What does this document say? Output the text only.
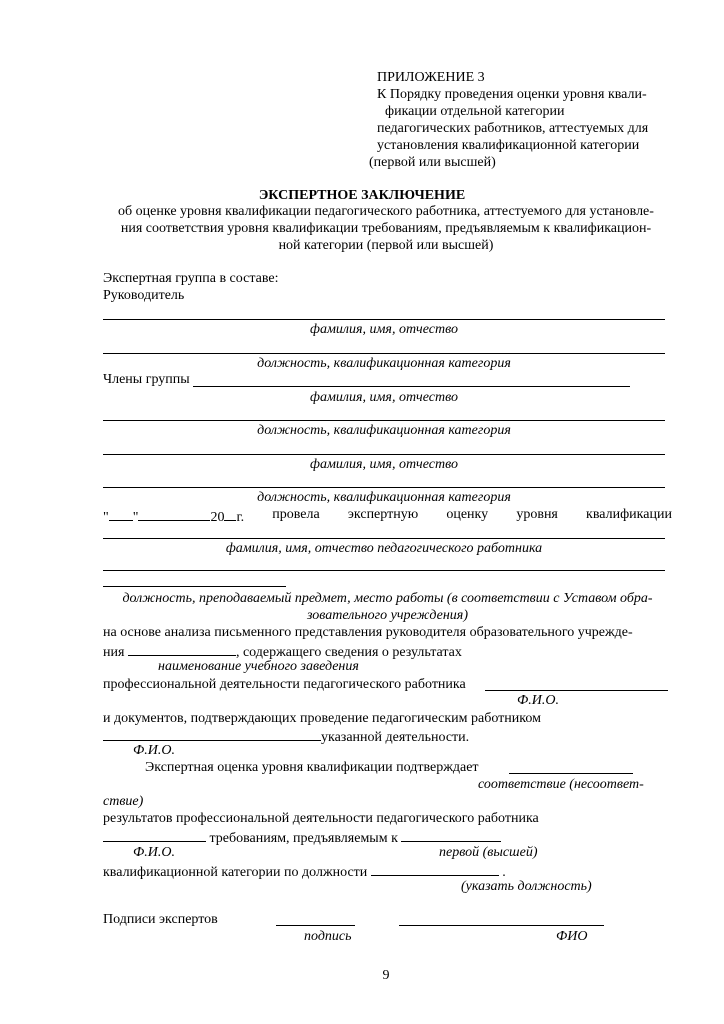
ПРИЛОЖЕНИЕ 3
К Порядку проведения оценки уровня квали-
фикации отдельной категории
педагогических работников, аттестуемых для
установления квалификационной категории
(первой или высшей)
ЭКСПЕРТНОЕ ЗАКЛЮЧЕНИЕ
об оценке уровня квалификации педагогического работника, аттестуемого для установле-
ния соответствия уровня квалификации требованиям, предъявляемым к квалификацион-
ной категории (первой или высшей)
Экспертная группа в составе:
Руководитель
фамилия, имя, отчество
должность, квалификационная категория
Члены группы
фамилия, имя, отчество
должность, квалификационная категория
фамилия, имя, отчество
должность, квалификационная категория
" "	20 г. провела экспертную оценку уровня квалификации
фамилия, имя, отчество педагогического работника
должность, преподаваемый предмет, место работы (в соответствии с Уставом обра-
зовательного учреждения)
на основе анализа письменного представления руководителя образовательного учрежде-
ния	, содержащего сведения о результатах
наименование учебного заведения
профессиональной деятельности педагогического работника
Ф.И.О.
и документов, подтверждающих проведение педагогическим работником
указанной деятельности.
Ф.И.О.
Экспертная оценка уровня квалификации подтверждает
соответствие (несоответ-
ствие)
результатов профессиональной деятельности педагогического работника
требованиям, предъявляемым к
Ф.И.О.	первой (высшей)
квалификационной категории по должности	.
(указать должность)
Подписи экспертов
подпись	ФИО
9
